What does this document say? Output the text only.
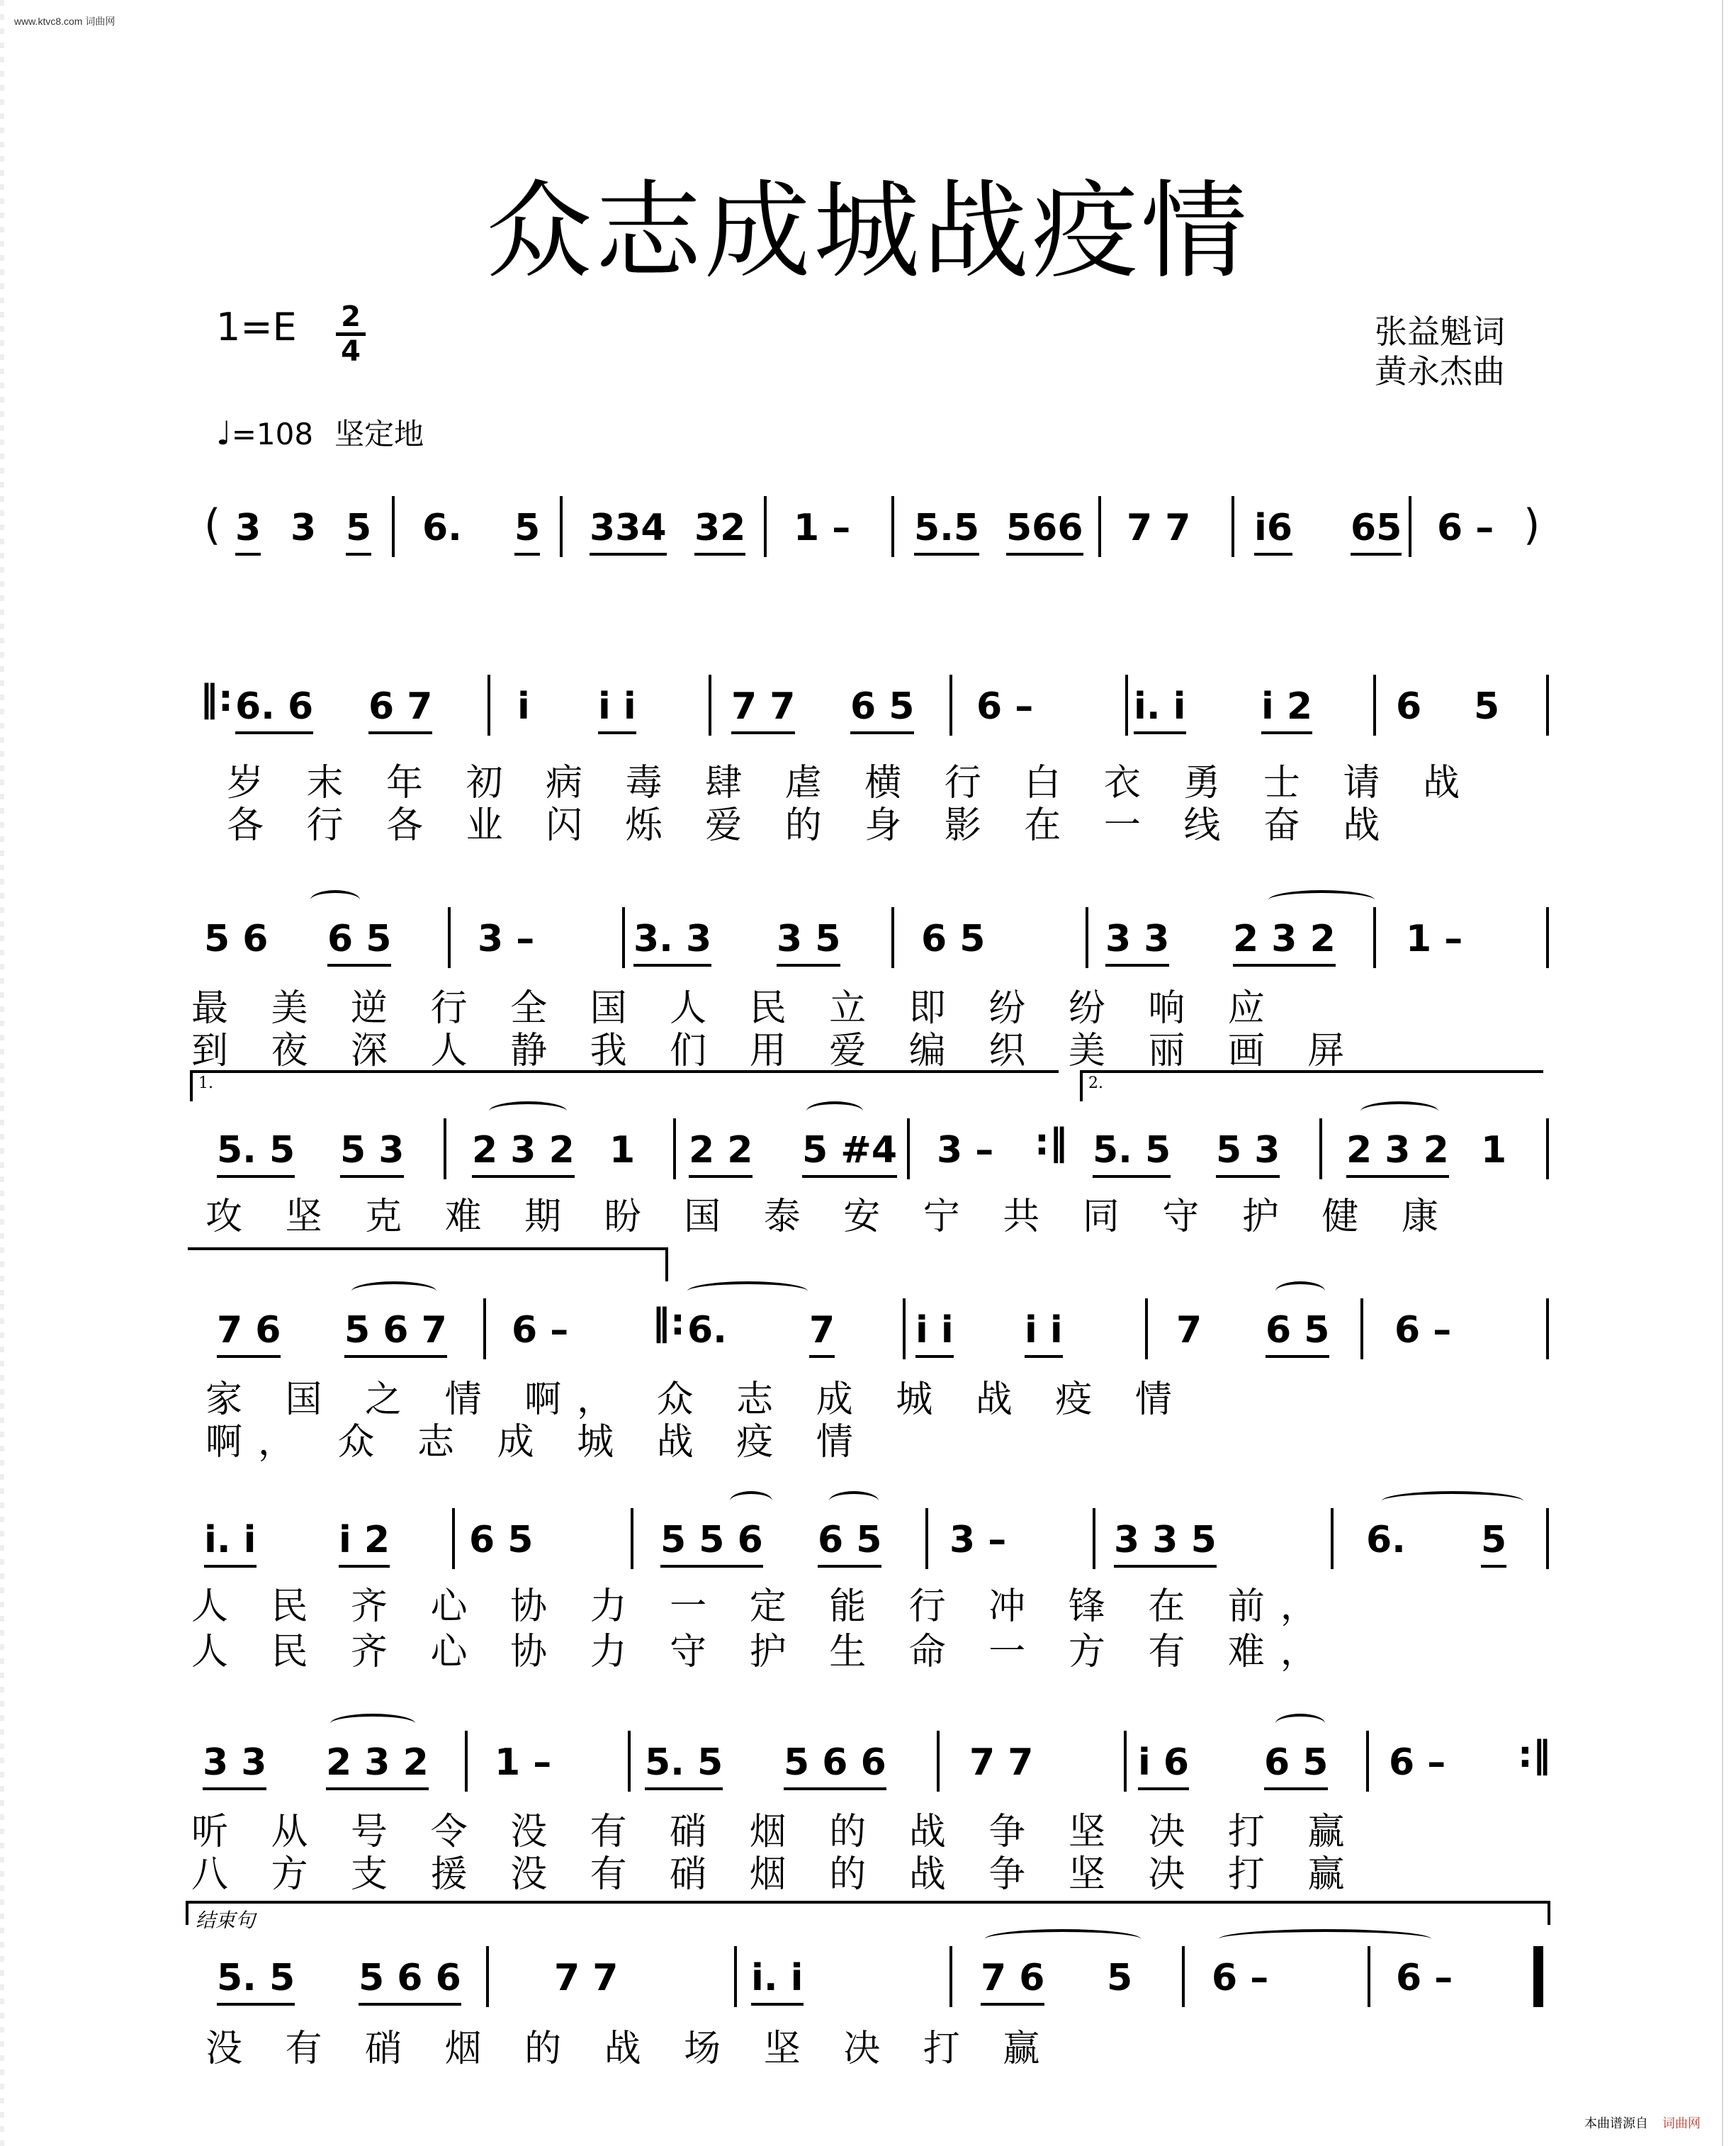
www.ktvc8.com 词曲网
众志成城战疫情
1=E 2
4
张益魁词
黄永杰曲
♩=108 坚定地
( 3 3 5 6. 5 334 32 1 – 5.5 566 7 7 i6 65 6 – )
‖: 6. 6 6 7 i i i	7 7 6 5 6 –	i. i i 2 6 5
岁 末 年 初 病 毒 肆 虐 横 行 白 衣 勇 士 请 战
各 行 各 业 闪 烁 爱 的 身 影 在 一 线 奋 战
5 6 6 5 3 –	3. 3 3 5 6 5	3 3 2 3 2 1 –
最 美 逆 行 全 国 人 民 立 即 纷 纷 响 应
到 夜 深 人 静 我 们 用 爱 编 织 美 丽 画 屏
1.	2.
5. 5 5 3 2 3 2 1 2 2 5 #4 3 – :‖ 5. 5 5 3 2 3 2 1
攻 坚 克 难 期 盼 国 泰 安 宁 共 同 守 护 健 康
7 6 5 6 7 6 – ‖: 6. 7 i i i i	7 6 5 6 –
家 国 之 情 啊， 众 志 成 城 战 疫 情
啊， 众 志 成 城 战 疫 情
i. i i 2 6 5	5 5 6 6 5 3 –	3 3 5	6. 5
人 民 齐 心 协 力 一 定 能 行 冲 锋 在 前，
人 民 齐 心 协 力 守 护 生 命 一 方 有 难，
3 3 2 3 2 1 –	5. 5 5 6 6 7 7	i 6 6 5 6 – :‖
听 从 号 令 没 有 硝 烟 的 战 争 坚 决 打 赢
八 方 支 援 没 有 硝 烟 的 战 争 坚 决 打 赢
结束句
5. 5 5 6 6	7 7	i. i	7 6 5 6 –	6 –
没 有 硝 烟 的 战 场 坚 决 打 赢
本曲谱源自 词曲网
